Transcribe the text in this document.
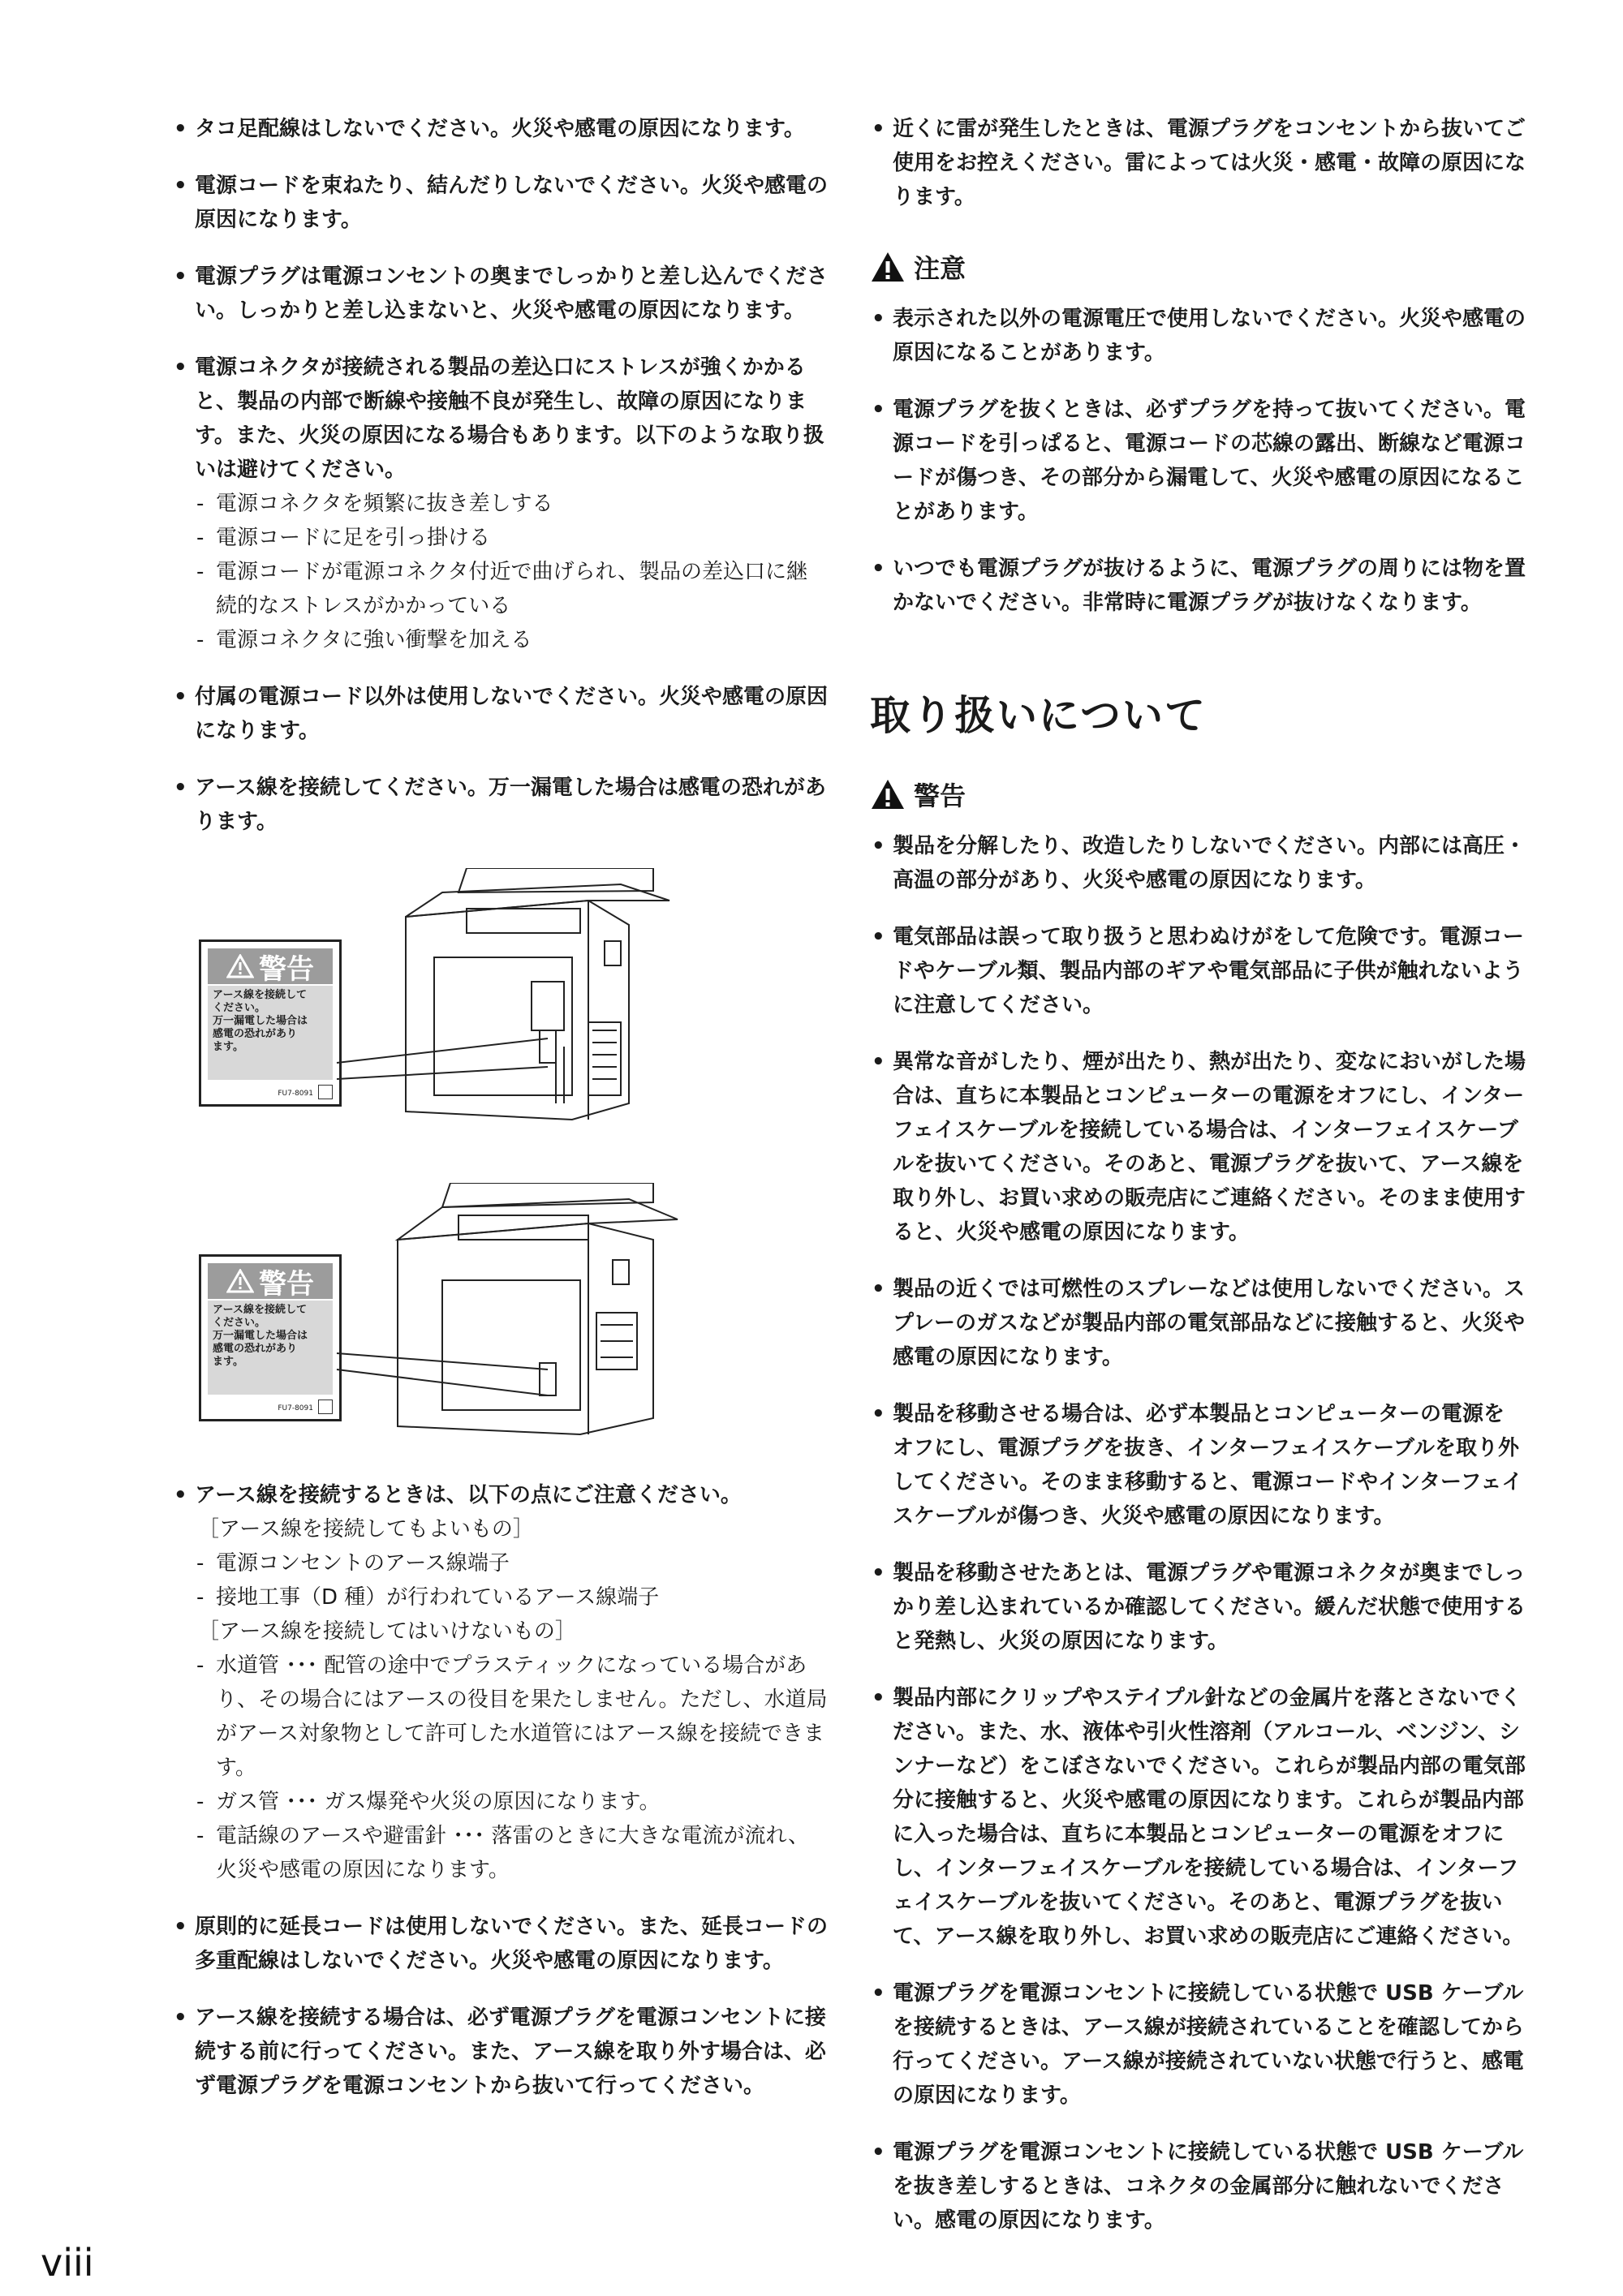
• タコ足配線はしないでください。火災や感電の原因になります。
• 電源コードを束ねたり、結んだりしないでください。火災や感電の原因になります。
• 電源プラグは電源コンセントの奥までしっかりと差し込んでください。しっかりと差し込まないと、火災や感電の原因になります。
• 電源コネクタが接続される製品の差込口にストレスが強くかかると、製品の内部で断線や接触不良が発生し、故障の原因になります。また、火災の原因になる場合もあります。以下のような取り扱いは避けてください。
- 電源コネクタを頻繁に抜き差しする
- 電源コードに足を引っ掛ける
- 電源コードが電源コネクタ付近で曲げられ、製品の差込口に継続的なストレスがかかっている
- 電源コネクタに強い衝撃を加える
• 付属の電源コード以外は使用しないでください。火災や感電の原因になります。
• アース線を接続してください。万一漏電した場合は感電の恐れがあります。
警告
アース線を接続して
ください。
万一漏電した場合は
感電の恐れがあり
ます。
FU7-8091
警告
アース線を接続して
ください。
万一漏電した場合は
感電の恐れがあり
ます。
FU7-8091
• アース線を接続するときは、以下の点にご注意ください。
［アース線を接続してもよいもの］
- 電源コンセントのアース線端子
- 接地工事（D 種）が行われているアース線端子
［アース線を接続してはいけないもの］
- 水道管 ･･･ 配管の途中でプラスティックになっている場合があり、その場合にはアースの役目を果たしません。ただし、水道局がアース対象物として許可した水道管にはアース線を接続できます。
- ガス管 ･･･ ガス爆発や火災の原因になります。
- 電話線のアースや避雷針 ･･･ 落雷のときに大きな電流が流れ、火災や感電の原因になります。
• 原則的に延長コードは使用しないでください。また、延長コードの多重配線はしないでください。火災や感電の原因になります。
• アース線を接続する場合は、必ず電源プラグを電源コンセントに接続する前に行ってください。また、アース線を取り外す場合は、必ず電源プラグを電源コンセントから抜いて行ってください。
• 近くに雷が発生したときは、電源プラグをコンセントから抜いてご使用をお控えください。雷によっては火災・感電・故障の原因になります。
注意
• 表示された以外の電源電圧で使用しないでください。火災や感電の原因になることがあります。
• 電源プラグを抜くときは、必ずプラグを持って抜いてください。電源コードを引っぱると、電源コードの芯線の露出、断線など電源コードが傷つき、その部分から漏電して、火災や感電の原因になることがあります。
• いつでも電源プラグが抜けるように、電源プラグの周りには物を置かないでください。非常時に電源プラグが抜けなくなります。
取り扱いについて
警告
• 製品を分解したり、改造したりしないでください。内部には高圧・高温の部分があり、火災や感電の原因になります。
• 電気部品は誤って取り扱うと思わぬけがをして危険です。電源コードやケーブル類、製品内部のギアや電気部品に子供が触れないように注意してください。
• 異常な音がしたり、煙が出たり、熱が出たり、変なにおいがした場合は、直ちに本製品とコンピューターの電源をオフにし、インターフェイスケーブルを接続している場合は、インターフェイスケーブルを抜いてください。そのあと、電源プラグを抜いて、アース線を取り外し、お買い求めの販売店にご連絡ください。そのまま使用すると、火災や感電の原因になります。
• 製品の近くでは可燃性のスプレーなどは使用しないでください。スプレーのガスなどが製品内部の電気部品などに接触すると、火災や感電の原因になります。
• 製品を移動させる場合は、必ず本製品とコンピューターの電源をオフにし、電源プラグを抜き、インターフェイスケーブルを取り外してください。そのまま移動すると、電源コードやインターフェイスケーブルが傷つき、火災や感電の原因になります。
• 製品を移動させたあとは、電源プラグや電源コネクタが奥までしっかり差し込まれているか確認してください。緩んだ状態で使用すると発熱し、火災の原因になります。
• 製品内部にクリップやステイプル針などの金属片を落とさないでください。また、水、液体や引火性溶剤（アルコール、ベンジン、シンナーなど）をこぼさないでください。これらが製品内部の電気部分に接触すると、火災や感電の原因になります。これらが製品内部に入った場合は、直ちに本製品とコンピューターの電源をオフにし、インターフェイスケーブルを接続している場合は、インターフェイスケーブルを抜いてください。そのあと、電源プラグを抜いて、アース線を取り外し、お買い求めの販売店にご連絡ください。
• 電源プラグを電源コンセントに接続している状態で USB ケーブルを接続するときは、アース線が接続されていることを確認してから行ってください。アース線が接続されていない状態で行うと、感電の原因になります。
• 電源プラグを電源コンセントに接続している状態で USB ケーブルを抜き差しするときは、コネクタの金属部分に触れないでください。感電の原因になります。
viii
